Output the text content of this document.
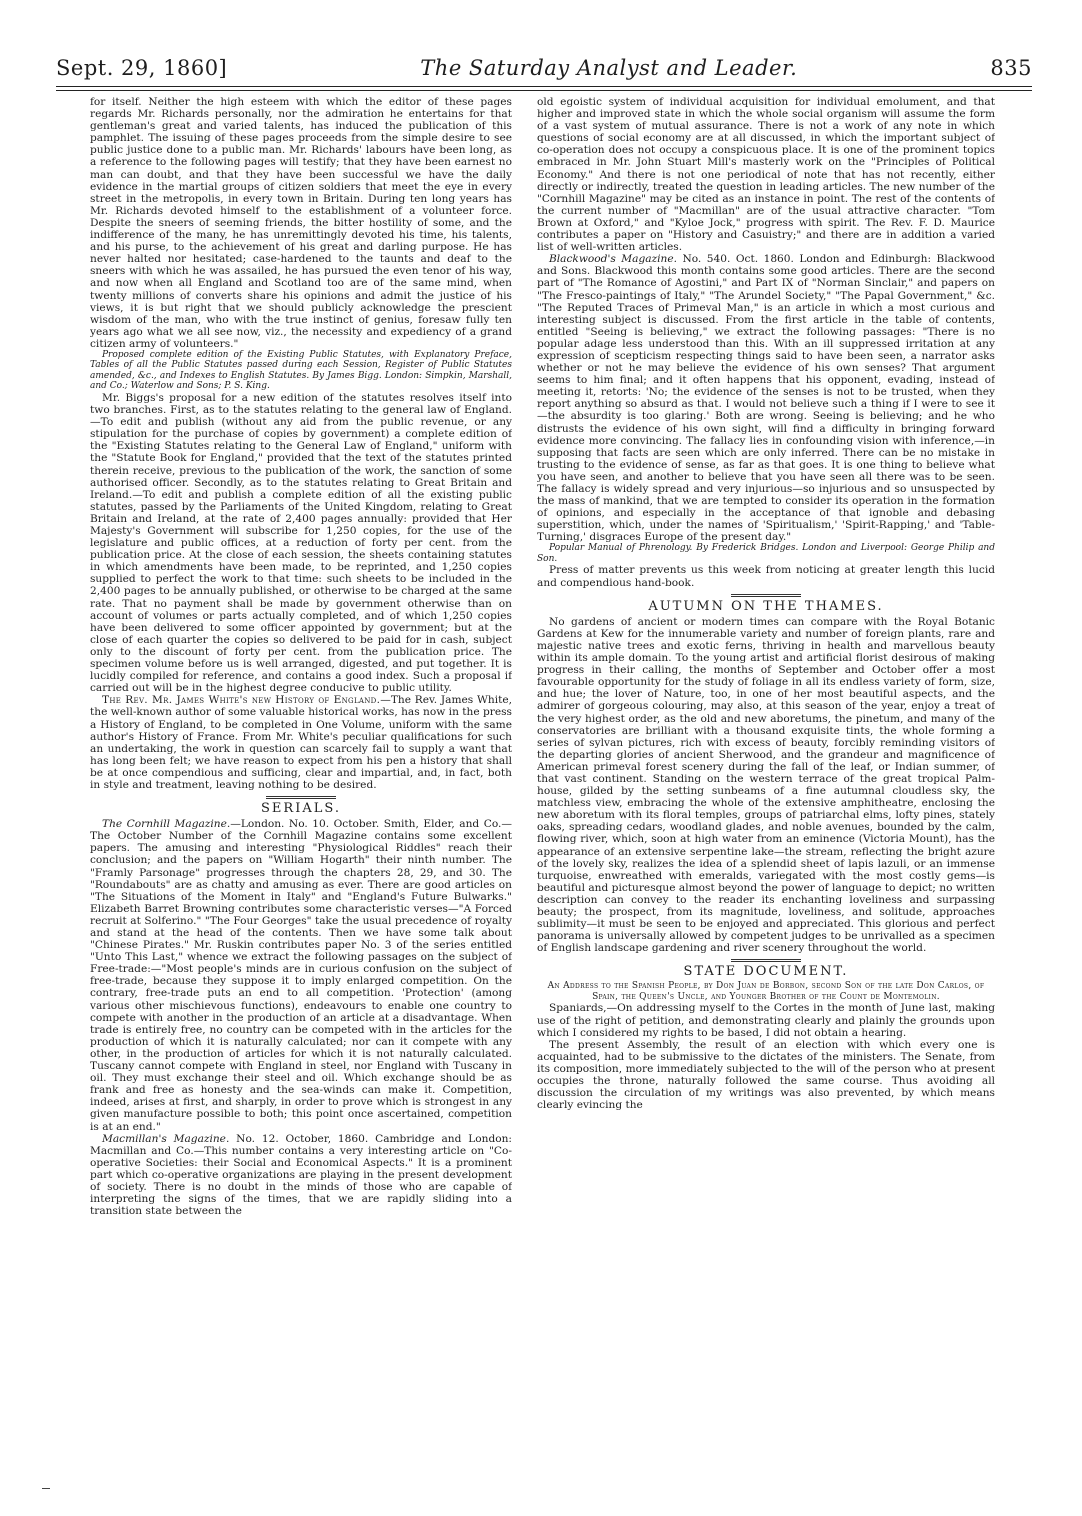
Sept. 29, 1860]	The Saturday Analyst and Leader.	835

for itself. Neither the high esteem with which the editor of these pages regards Mr. Richards personally, nor the admiration he entertains for that gentleman's great and varied talents, has induced the publication of this pamphlet. The issuing of these pages proceeds from the simple desire to see public justice done to a public man. Mr. Richards' labours have been long, as a reference to the following pages will testify; that they have been earnest no man can doubt, and that they have been successful we have the daily evidence in the martial groups of citizen soldiers that meet the eye in every street in the metropolis, in every town in Britain. During ten long years has Mr. Richards devoted himself to the establishment of a volunteer force. Despite the sneers of seeming friends, the bitter hostility of some, and the indifference of the many, he has unremittingly devoted his time, his talents, and his purse, to the achievement of his great and darling purpose. He has never halted nor hesitated; case-hardened to the taunts and deaf to the sneers with which he was assailed, he has pursued the even tenor of his way, and now when all England and Scotland too are of the same mind, when twenty millions of converts share his opinions and admit the justice of his views, it is but right that we should publicly acknowledge the prescient wisdom of the man, who with the true instinct of genius, foresaw fully ten years ago what we all see now, viz., the necessity and expediency of a grand citizen army of volunteers."

Proposed complete edition of the Existing Public Statutes, with Explanatory Preface, Tables of all the Public Statutes passed during each Session, Register of Public Statutes amended, &c., and Indexes to English Statutes. By James Bigg. London: Simpkin, Marshall, and Co.; Waterlow and Sons; P. S. King.

Mr. Biggs's proposal for a new edition of the statutes resolves itself into two branches. First, as to the statutes relating to the general law of England.—To edit and publish (without any aid from the public revenue, or any stipulation for the purchase of copies by government) a complete edition of the "Existing Statutes relating to the General Law of England," uniform with the "Statute Book for England," provided that the text of the statutes printed therein receive, previous to the publication of the work, the sanction of some authorised officer. Secondly, as to the statutes relating to Great Britain and Ireland.—To edit and publish a complete edition of all the existing public statutes, passed by the Parliaments of the United Kingdom, relating to Great Britain and Ireland, at the rate of 2,400 pages annually: provided that Her Majesty's Government will subscribe for 1,250 copies, for the use of the legislature and public offices, at a reduction of forty per cent. from the publication price. At the close of each session, the sheets containing statutes in which amendments have been made, to be reprinted, and 1,250 copies supplied to perfect the work to that time: such sheets to be included in the 2,400 pages to be annually published, or otherwise to be charged at the same rate. That no payment shall be made by government otherwise than on account of volumes or parts actually completed, and of which 1,250 copies have been delivered to some officer appointed by government; but at the close of each quarter the copies so delivered to be paid for in cash, subject only to the discount of forty per cent. from the publication price. The specimen volume before us is well arranged, digested, and put together. It is lucidly compiled for reference, and contains a good index. Such a proposal if carried out will be in the highest degree conducive to public utility.

The Rev. Mr. James White's new History of England.—The Rev. James White, the well-known author of some valuable historical works, has now in the press a History of England, to be completed in One Volume, uniform with the same author's History of France. From Mr. White's peculiar qualifications for such an undertaking, the work in question can scarcely fail to supply a want that has long been felt; we have reason to expect from his pen a history that shall be at once compendious and sufficing, clear and impartial, and, in fact, both in style and treatment, leaving nothing to be desired.

SERIALS.

The Cornhill Magazine.—London. No. 10. October. Smith, Elder, and Co.—The October Number of the Cornhill Magazine contains some excellent papers. The amusing and interesting "Physiological Riddles" reach their conclusion; and the papers on "William Hogarth" their ninth number. The "Framly Parsonage" progresses through the chapters 28, 29, and 30. The "Roundabouts" are as chatty and amusing as ever. There are good articles on "The Situations of the Moment in Italy" and "England's Future Bulwarks." Elizabeth Barret Browning contributes some characteristic verses—"A Forced recruit at Solferino." "The Four Georges" take the usual precedence of royalty and stand at the head of the contents. Then we have some talk about "Chinese Pirates." Mr. Ruskin contributes paper No. 3 of the series entitled "Unto This Last," whence we extract the following passages on the subject of Free-trade:—"Most people's minds are in curious confusion on the subject of free-trade, because they suppose it to imply enlarged competition. On the contrary, free-trade puts an end to all competition. 'Protection' (among various other mischievous functions), endeavours to enable one country to compete with another in the production of an article at a disadvantage. When trade is entirely free, no country can be competed with in the articles for the production of which it is naturally calculated; nor can it compete with any other, in the production of articles for which it is not naturally calculated. Tuscany cannot compete with England in steel, nor England with Tuscany in oil. They must exchange their steel and oil. Which exchange should be as frank and free as honesty and the sea-winds can make it. Competition, indeed, arises at first, and sharply, in order to prove which is strongest in any given manufacture possible to both; this point once ascertained, competition is at an end."

Macmillan's Magazine. No. 12. October, 1860. Cambridge and London: Macmillan and Co.—This number contains a very interesting article on "Co-operative Societies: their Social and Economical Aspects." It is a prominent part which co-operative organizations are playing in the present development of society. There is no doubt in the minds of those who are capable of interpreting the signs of the times, that we are rapidly sliding into a transition state between the

old egoistic system of individual acquisition for individual emolument, and that higher and improved state in which the whole social organism will assume the form of a vast system of mutual assurance. There is not a work of any note in which questions of social economy are at all discussed, in which the important subject of co-operation does not occupy a conspicuous place. It is one of the prominent topics embraced in Mr. John Stuart Mill's masterly work on the "Principles of Political Economy." And there is not one periodical of note that has not recently, either directly or indirectly, treated the question in leading articles. The new number of the "Cornhill Magazine" may be cited as an instance in point. The rest of the contents of the current number of "Macmillan" are of the usual attractive character. "Tom Brown at Oxford," and "Kyloe Jock," progress with spirit. The Rev. F. D. Maurice contributes a paper on "History and Casuistry;" and there are in addition a varied list of well-written articles.

Blackwood's Magazine. No. 540. Oct. 1860. London and Edinburgh: Blackwood and Sons. Blackwood this month contains some good articles. There are the second part of "The Romance of Agostini," and Part IX of "Norman Sinclair," and papers on "The Fresco-paintings of Italy," "The Arundel Society," "The Papal Government," &c. "The Reputed Traces of Primeval Man," is an article in which a most curious and interesting subject is discussed. From the first article in the table of contents, entitled "Seeing is believing," we extract the following passages: "There is no popular adage less understood than this. With an ill suppressed irritation at any expression of scepticism respecting things said to have been seen, a narrator asks whether or not he may believe the evidence of his own senses? That argument seems to him final; and it often happens that his opponent, evading, instead of meeting it, retorts: 'No; the evidence of the senses is not to be trusted, when they report anything so absurd as that. I would not believe such a thing if I were to see it—the absurdity is too glaring.' Both are wrong. Seeing is believing; and he who distrusts the evidence of his own sight, will find a difficulty in bringing forward evidence more convincing. The fallacy lies in confounding vision with inference,—in supposing that facts are seen which are only inferred. There can be no mistake in trusting to the evidence of sense, as far as that goes. It is one thing to believe what you have seen, and another to believe that you have seen all there was to be seen. The fallacy is widely spread and very injurious—so injurious and so unsuspected by the mass of mankind, that we are tempted to consider its operation in the formation of opinions, and especially in the acceptance of that ignoble and debasing superstition, which, under the names of 'Spiritualism,' 'Spirit-Rapping,' and 'Table-Turning,' disgraces Europe of the present day."

Popular Manual of Phrenology. By Frederick Bridges. London and Liverpool: George Philip and Son.

Press of matter prevents us this week from noticing at greater length this lucid and compendious hand-book.

AUTUMN ON THE THAMES.

No gardens of ancient or modern times can compare with the Royal Botanic Gardens at Kew for the innumerable variety and number of foreign plants, rare and majestic native trees and exotic ferns, thriving in health and marvellous beauty within its ample domain. To the young artist and artificial florist desirous of making progress in their calling, the months of September and October offer a most favourable opportunity for the study of foliage in all its endless variety of form, size, and hue; the lover of Nature, too, in one of her most beautiful aspects, and the admirer of gorgeous colouring, may also, at this season of the year, enjoy a treat of the very highest order, as the old and new aboretums, the pinetum, and many of the conservatories are brilliant with a thousand exquisite tints, the whole forming a series of sylvan pictures, rich with excess of beauty, forcibly reminding visitors of the departing glories of ancient Sherwood, and the grandeur and magnificence of American primeval forest scenery during the fall of the leaf, or Indian summer, of that vast continent. Standing on the western terrace of the great tropical Palm-house, gilded by the setting sunbeams of a fine autumnal cloudless sky, the matchless view, embracing the whole of the extensive amphitheatre, enclosing the new aboretum with its floral temples, groups of patriarchal elms, lofty pines, stately oaks, spreading cedars, woodland glades, and noble avenues, bounded by the calm, flowing river, which, soon at high water from an eminence (Victoria Mount), has the appearance of an extensive serpentine lake—the stream, reflecting the bright azure of the lovely sky, realizes the idea of a splendid sheet of lapis lazuli, or an immense turquoise, enwreathed with emeralds, variegated with the most costly gems—is beautiful and picturesque almost beyond the power of language to depict; no written description can convey to the reader its enchanting loveliness and surpassing beauty; the prospect, from its magnitude, loveliness, and solitude, approaches sublimity—it must be seen to be enjoyed and appreciated. This glorious and perfect panorama is universally allowed by competent judges to be unrivalled as a specimen of English landscape gardening and river scenery throughout the world.

STATE DOCUMENT.

An Address to the Spanish People, by Don Juan de Borbon, second Son of the late Don Carlos, of Spain, the Queen's Uncle, and Younger Brother of the Count de Montemolin.

Spaniards,—On addressing myself to the Cortes in the month of June last, making use of the right of petition, and demonstrating clearly and plainly the grounds upon which I considered my rights to be based, I did not obtain a hearing.

The present Assembly, the result of an election with which every one is acquainted, had to be submissive to the dictates of the ministers. The Senate, from its composition, more immediately subjected to the will of the person who at present occupies the throne, naturally followed the same course. Thus avoiding all discussion the circulation of my writings was also prevented, by which means clearly evincing the
